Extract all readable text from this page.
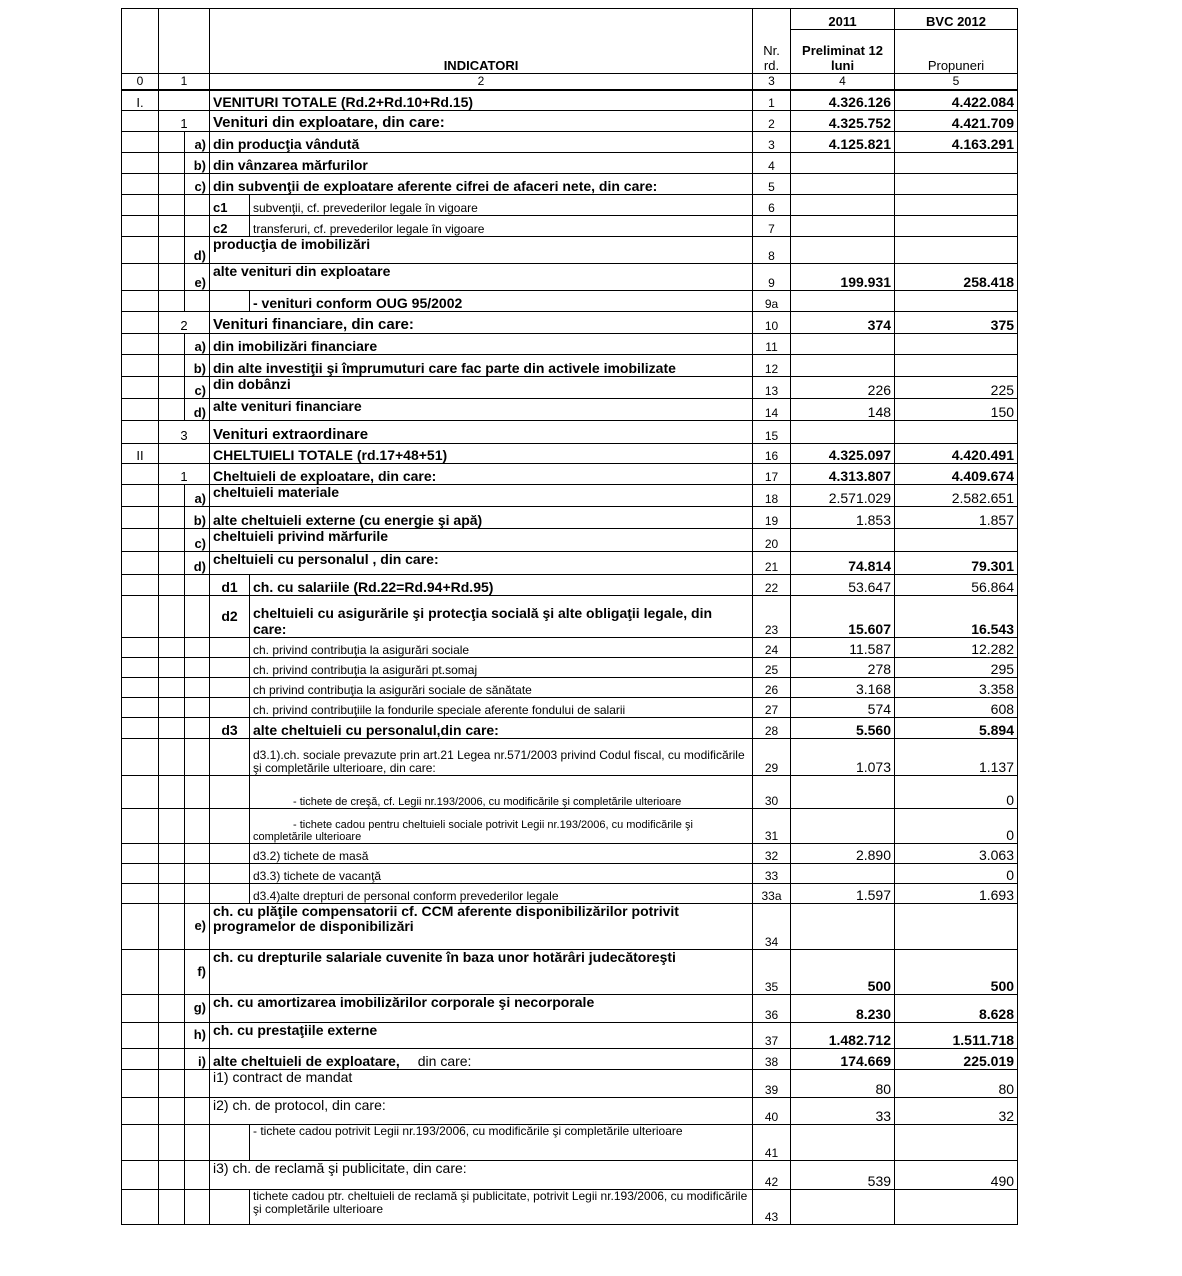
			INDICATORI		Nr. rd.	2011	BVC 2012
						Preliminat 12 luni	Propuneri
0	1		2		3	4	5
I.			VENITURI TOTALE (Rd.2+Rd.10+Rd.15)		1	4.326.126	4.422.084
	1		Venituri din exploatare, din care:		2	4.325.752	4.421.709
		a)	din producţia vândută		3	4.125.821	4.163.291
		b)	din vânzarea mărfurilor		4		
		c)	din subvenţii de exploatare aferente cifrei de afaceri nete, din care:		5		
			c1	subvenţii, cf. prevederilor legale în vigoare	6		
			c2	transferuri, cf. prevederilor legale în vigoare	7		
		d)	producţia de imobilizări		8		
		e)	alte venituri din exploatare		9	199.931	258.418
				- venituri conform OUG 95/2002	9a		
	2		Venituri financiare, din care:		10	374	375
		a)	din imobilizări financiare		11		
		b)	din alte investiţii şi împrumuturi care fac parte din activele imobilizate		12		
		c)	din dobânzi		13	226	225
		d)	alte venituri financiare		14	148	150
	3		Venituri extraordinare		15		
II			CHELTUIELI TOTALE (rd.17+48+51)		16	4.325.097	4.420.491
	1		Cheltuieli de exploatare, din care:		17	4.313.807	4.409.674
		a)	cheltuieli materiale		18	2.571.029	2.582.651
		b)	alte cheltuieli externe (cu energie şi apă)		19	1.853	1.857
		c)	cheltuieli privind mărfurile		20		
		d)	cheltuieli cu personalul , din care:		21	74.814	79.301
			d1	ch. cu salariile (Rd.22=Rd.94+Rd.95)	22	53.647	56.864
			d2	cheltuieli cu asigurările şi protecţia socială şi alte obligaţii legale, din care:	23	15.607	16.543
				ch. privind contribuţia la asigurări sociale	24	11.587	12.282
				ch. privind contribuţia la asigurări pt.somaj	25	278	295
				ch privind contribuţia la asigurări sociale de sănătate	26	3.168	3.358
				ch. privind contribuţiile la fondurile speciale aferente fondului de salarii	27	574	608
			d3	alte cheltuieli cu personalul,din care:	28	5.560	5.894
				d3.1).ch. sociale prevazute prin art.21 Legea nr.571/2003 privind Codul fiscal, cu modificările şi completările ulterioare, din care:	29	1.073	1.137
				- tichete de creşă, cf. Legii nr.193/2006, cu modificările şi completările ulterioare	30		0
				- tichete cadou pentru cheltuieli sociale potrivit Legii nr.193/2006, cu modificările şi completările ulterioare	31		0
				d3.2) tichete de masă	32	2.890	3.063
				d3.3) tichete de vacanţă	33		0
				d3.4)alte drepturi de personal conform prevederilor legale	33a	1.597	1.693
		e)	ch. cu plăţile compensatorii cf. CCM aferente disponibilizărilor potrivit programelor de disponibilizări		34		
		f)	ch. cu drepturile salariale cuvenite în baza unor hotărâri judecătoreşti		35	500	500
		g)	ch. cu amortizarea imobilizărilor corporale şi necorporale		36	8.230	8.628
		h)	ch. cu prestaţiile externe		37	1.482.712	1.511.718
		i)	alte cheltuieli de exploatare, din care:		38	174.669	225.019
			i1) contract de mandat		39	80	80
			i2) ch. de protocol, din care:		40	33	32
				- tichete cadou potrivit Legii nr.193/2006, cu modificările şi completările ulterioare	41		
			i3) ch. de reclamă şi publicitate, din care:		42	539	490
				tichete cadou ptr. cheltuieli de reclamă şi publicitate, potrivit Legii nr.193/2006, cu modificările şi completările ulterioare	43		
